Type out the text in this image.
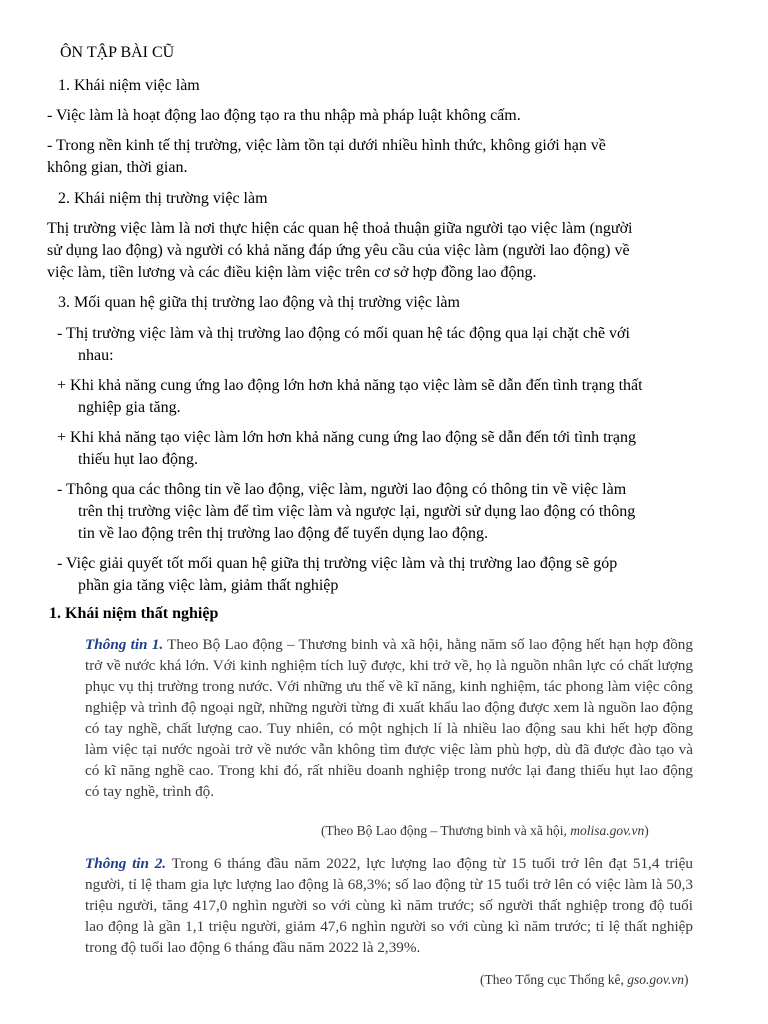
ÔN TẬP BÀI CŨ
1. Khái niệm việc làm
- Việc làm là hoạt động lao động tạo ra thu nhập mà pháp luật không cấm.
- Trong nền kinh tế thị trường, việc làm tồn tại dưới nhiều hình thức, không giới hạn về
không gian, thời gian.
2. Khái niệm thị trường việc làm
Thị trường việc làm là nơi thực hiện các quan hệ thoả thuận giữa người tạo việc làm (người
sử dụng lao động) và người có khả năng đáp ứng yêu cầu của việc làm (người lao động) về
việc làm, tiền lương và các điều kiện làm việc trên cơ sở hợp đồng lao động.
3. Mối quan hệ giữa thị trường lao động và thị trường việc làm
- Thị trường việc làm và thị trường lao động có mối quan hệ tác động qua lại chặt chẽ với
nhau:
+ Khi khả năng cung ứng lao động lớn hơn khả năng tạo việc làm sẽ dẫn đến tình trạng thất
nghiệp gia tăng.
+ Khi khả năng tạo việc làm lớn hơn khả năng cung ứng lao động sẽ dẫn đến tới tình trạng
thiếu hụt lao động.
- Thông qua các thông tin về lao động, việc làm, người lao động có thông tin về việc làm
trên thị trường việc làm để tìm việc làm và ngược lại, người sử dụng lao động có thông
tin về lao động trên thị trường lao động để tuyển dụng lao động.
- Việc giải quyết tốt mối quan hệ giữa thị trường việc làm và thị trường lao động sẽ góp
phần gia tăng việc làm, giảm thất nghiệp
1. Khái niệm thất nghiệp
Thông tin 1. Theo Bộ Lao động – Thương binh và xã hội, hằng năm số lao động hết hạn hợp đồng trở về nước khá lớn. Với kinh nghiệm tích luỹ được, khi trở về, họ là nguồn nhân lực có chất lượng phục vụ thị trường trong nước. Với những ưu thế về kĩ năng, kinh nghiệm, tác phong làm việc công nghiệp và trình độ ngoại ngữ, những người từng đi xuất khẩu lao động được xem là nguồn lao động có tay nghề, chất lượng cao. Tuy nhiên, có một nghịch lí là nhiều lao động sau khi hết hợp đồng làm việc tại nước ngoài trở về nước vẫn không tìm được việc làm phù hợp, dù đã được đào tạo và có kĩ năng nghề cao. Trong khi đó, rất nhiều doanh nghiệp trong nước lại đang thiếu hụt lao động có tay nghề, trình độ.
(Theo Bộ Lao động – Thương binh và xã hội, molisa.gov.vn)
Thông tin 2. Trong 6 tháng đầu năm 2022, lực lượng lao động từ 15 tuổi trở lên đạt 51,4 triệu người, tỉ lệ tham gia lực lượng lao động là 68,3%; số lao động từ 15 tuổi trở lên có việc làm là 50,3 triệu người, tăng 417,0 nghìn người so với cùng kì năm trước; số người thất nghiệp trong độ tuổi lao động là gần 1,1 triệu người, giảm 47,6 nghìn người so với cùng kì năm trước; tỉ lệ thất nghiệp trong độ tuổi lao động 6 tháng đầu năm 2022 là 2,39%.
(Theo Tổng cục Thống kê, gso.gov.vn)
